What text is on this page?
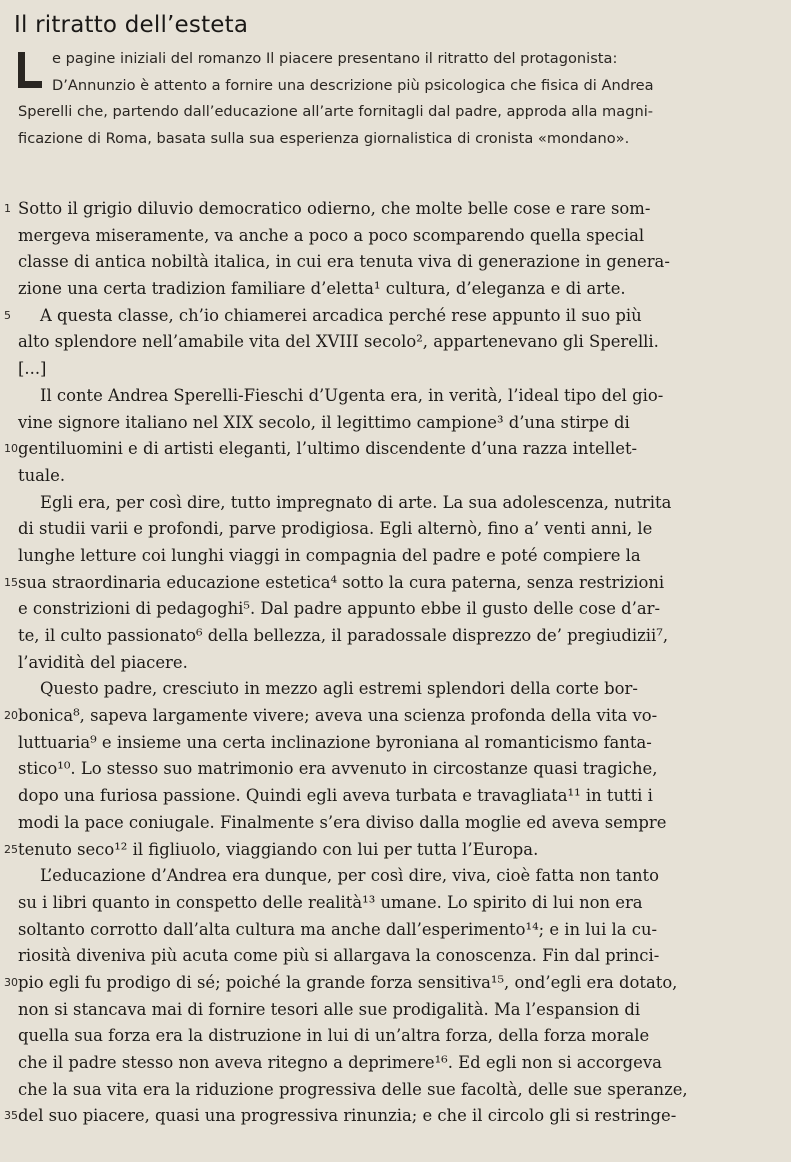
Il ritratto dell’esteta
e pagine iniziali del romanzo Il piacere presentano il ritratto del protagonista:
D’Annunzio è attento a fornire una descrizione più psicologica che fisica di Andrea
Sperelli che, partendo dall’educazione all’arte fornitagli dal padre, approda alla magni-
ficazione di Roma, basata sulla sua esperienza giornalistica di cronista «mondano».
1 Sotto il grigio diluvio democratico odierno, che molte belle cose e rare som-
mergeva miseramente, va anche a poco a poco scomparendo quella special
classe di antica nobiltà italica, in cui era tenuta viva di generazione in genera-
zione una certa tradizion familiare d’eletta¹ cultura, d’eleganza e di arte.
5 A questa classe, ch’io chiamerei arcadica perché rese appunto il suo più
alto splendore nell’amabile vita del XVIII secolo², appartenevano gli Sperelli.
[...]
Il conte Andrea Sperelli-Fieschi d’Ugenta era, in verità, l’ideal tipo del gio-
vine signore italiano nel XIX secolo, il legittimo campione³ d’una stirpe di
10 gentiluomini e di artisti eleganti, l’ultimo discendente d’una razza intellet-
tuale.
Egli era, per così dire, tutto impregnato di arte. La sua adolescenza, nutrita
di studii varii e profondi, parve prodigiosa. Egli alternò, fino a’ venti anni, le
lunghe letture coi lunghi viaggi in compagnia del padre e poté compiere la
15 sua straordinaria educazione estetica⁴ sotto la cura paterna, senza restrizioni
e constrizioni di pedagoghi⁵. Dal padre appunto ebbe il gusto delle cose d’ar-
te, il culto passionato⁶ della bellezza, il paradossale disprezzo de’ pregiudizii⁷,
l’avidità del piacere.
Questo padre, cresciuto in mezzo agli estremi splendori della corte bor-
20 bonica⁸, sapeva largamente vivere; aveva una scienza profonda della vita vo-
luttuaria⁹ e insieme una certa inclinazione byroniana al romanticismo fanta-
stico¹⁰. Lo stesso suo matrimonio era avvenuto in circostanze quasi tragiche,
dopo una furiosa passione. Quindi egli aveva turbata e travagliata¹¹ in tutti i
modi la pace coniugale. Finalmente s’era diviso dalla moglie ed aveva sempre
25 tenuto seco¹² il figliuolo, viaggiando con lui per tutta l’Europa.
L’educazione d’Andrea era dunque, per così dire, viva, cioè fatta non tanto
su i libri quanto in conspetto delle realità¹³ umane. Lo spirito di lui non era
soltanto corrotto dall’alta cultura ma anche dall’esperimento¹⁴; e in lui la cu-
riosità diveniva più acuta come più si allargava la conoscenza. Fin dal princi-
30 pio egli fu prodigo di sé; poiché la grande forza sensitiva¹⁵, ond’egli era dotato,
non si stancava mai di fornire tesori alle sue prodigalità. Ma l’espansion di
quella sua forza era la distruzione in lui di un’altra forza, della forza morale
che il padre stesso non aveva ritegno a deprimere¹⁶. Ed egli non si accorgeva
che la sua vita era la riduzione progressiva delle sue facoltà, delle sue speranze,
35 del suo piacere, quasi una progressiva rinunzia; e che il circolo gli si restringe-
